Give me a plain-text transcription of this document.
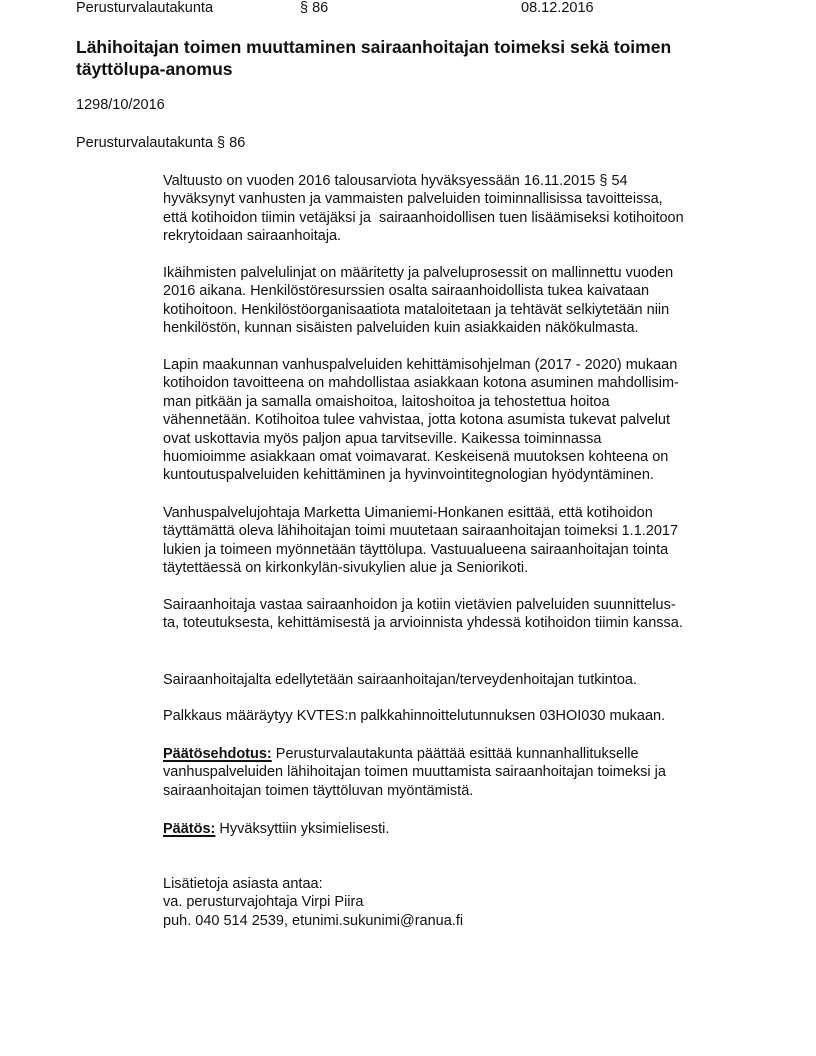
Perusturvalautakunta	§ 86	08.12.2016
Lähihoitajan toimen muuttaminen sairaanhoitajan toimeksi sekä toimen
täyttölupa-anomus
1298/10/2016
Perusturvalautakunta § 86
Valtuusto on vuoden 2016 talousarviota hyväksyessään 16.11.2015 § 54
hyväksynyt vanhusten ja vammaisten palveluiden toiminnallisissa tavoitteissa,
että kotihoidon tiimin vetäjäksi ja  sairaanhoidollisen tuen lisäämiseksi kotihoitoon
rekrytoidaan sairaanhoitaja.
Ikäihmisten palvelulinjat on määritetty ja palveluprosessit on mallinnettu vuoden
2016 aikana. Henkilöstöresurssien osalta sairaanhoidollista tukea kaivataan
kotihoitoon. Henkilöstöorganisaatiota mataloitetaan ja tehtävät selkiytetään niin
henkilöstön, kunnan sisäisten palveluiden kuin asiakkaiden näkökulmasta.
Lapin maakunnan vanhuspalveluiden kehittämisohjelman (2017 - 2020) mukaan
kotihoidon tavoitteena on mahdollistaa asiakkaan kotona asuminen mahdollisim-
man pitkään ja samalla omaishoitoa, laitoshoitoa ja tehostettua hoitoa
vähennetään. Kotihoitoa tulee vahvistaa, jotta kotona asumista tukevat palvelut
ovat uskottavia myös paljon apua tarvitseville. Kaikessa toiminnassa
huomioimme asiakkaan omat voimavarat. Keskeisenä muutoksen kohteena on
kuntoutuspalveluiden kehittäminen ja hyvinvointitegnologian hyödyntäminen.
Vanhuspalvelujohtaja Marketta Uimaniemi-Honkanen esittää, että kotihoidon
täyttämättä oleva lähihoitajan toimi muutetaan sairaanhoitajan toimeksi 1.1.2017
lukien ja toimeen myönnetään täyttölupa. Vastuualueena sairaanhoitajan tointa
täytettäessä on kirkonkylän-sivukylien alue ja Seniorikoti.
Sairaanhoitaja vastaa sairaanhoidon ja kotiin vietävien palveluiden suunnittelus-
ta, toteutuksesta, kehittämisestä ja arvioinnista yhdessä kotihoidon tiimin kanssa.
Sairaanhoitajalta edellytetään sairaanhoitajan/terveydenhoitajan tutkintoa.
Palkkaus määräytyy KVTES:n palkkahinnoittelutunnuksen 03HOI030 mukaan.
Päätösehdotus: Perusturvalautakunta päättää esittää kunnanhallitukselle
vanhuspalveluiden lähihoitajan toimen muuttamista sairaanhoitajan toimeksi ja
sairaanhoitajan toimen täyttöluvan myöntämistä.
Päätös: Hyväksyttiin yksimielisesti.
Lisätietoja asiasta antaa:
va. perusturvajohtaja Virpi Piira
puh. 040 514 2539, etunimi.sukunimi@ranua.fi
